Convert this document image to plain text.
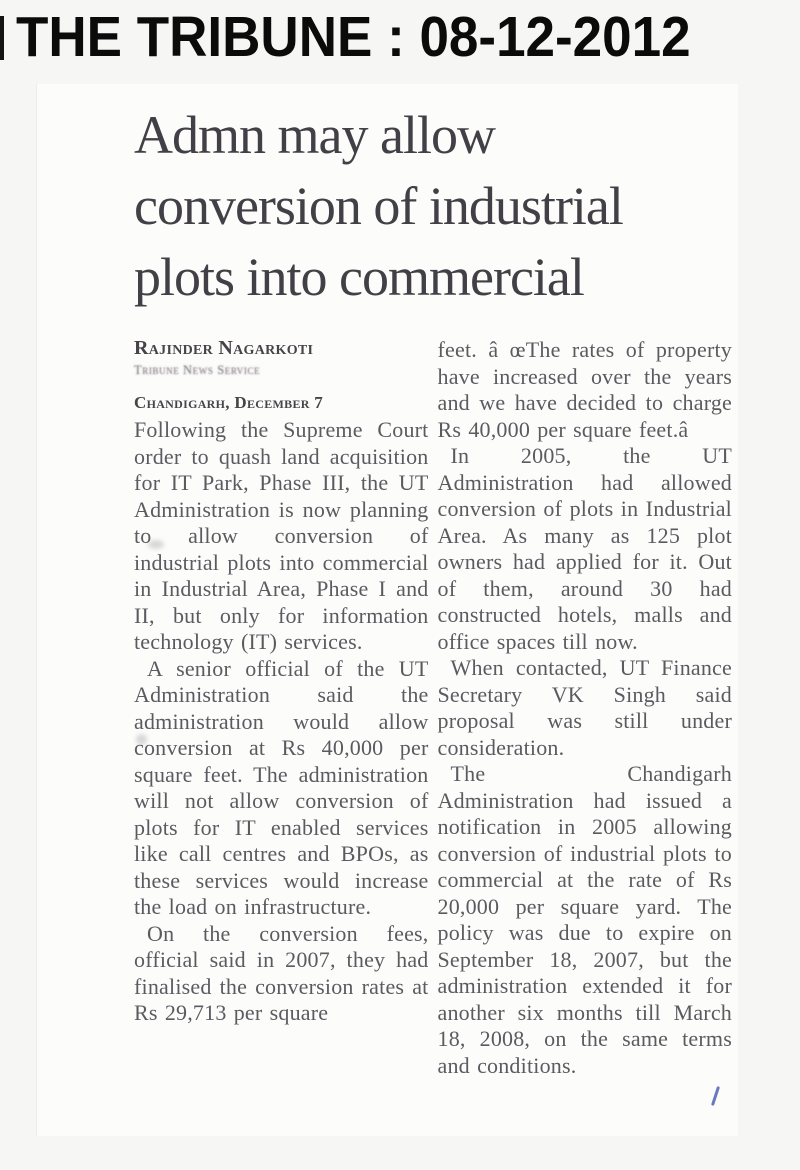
THE TRIBUNE : 08-12-2012
Admn may allow
conversion of industrial
plots into commercial
Rajinder Nagarkoti
Tribune News Service
Chandigarh, December 7

Following the Supreme Court order to quash land acquisition for IT Park, Phase III, the UT Administration is now planning to allow conversion of industrial plots into commercial in Industrial Area, Phase I and II, but only for information technology (IT) services.

A senior official of the UT Administration said the administration would allow conversion at Rs 40,000 per square feet. The administration will not allow conversion of plots for IT enabled services like call centres and BPOs, as these services would increase the load on infrastructure.

On the conversion fees, official said in 2007, they had finalised the conversion rates at Rs 29,713 per square

feet. â œThe rates of property have increased over the years and we have decided to charge Rs 40,000 per square feet.â

In 2005, the UT Administration had allowed conversion of plots in Industrial Area. As many as 125 plot owners had applied for it. Out of them, around 30 had constructed hotels, malls and office spaces till now.

When contacted, UT Finance Secretary VK Singh said proposal was still under consideration.

The Chandigarh Administration had issued a notification in 2005 allowing conversion of industrial plots to commercial at the rate of Rs 20,000 per square yard. The policy was due to expire on September 18, 2007, but the administration extended it for another six months till March 18, 2008, on the same terms and conditions.
